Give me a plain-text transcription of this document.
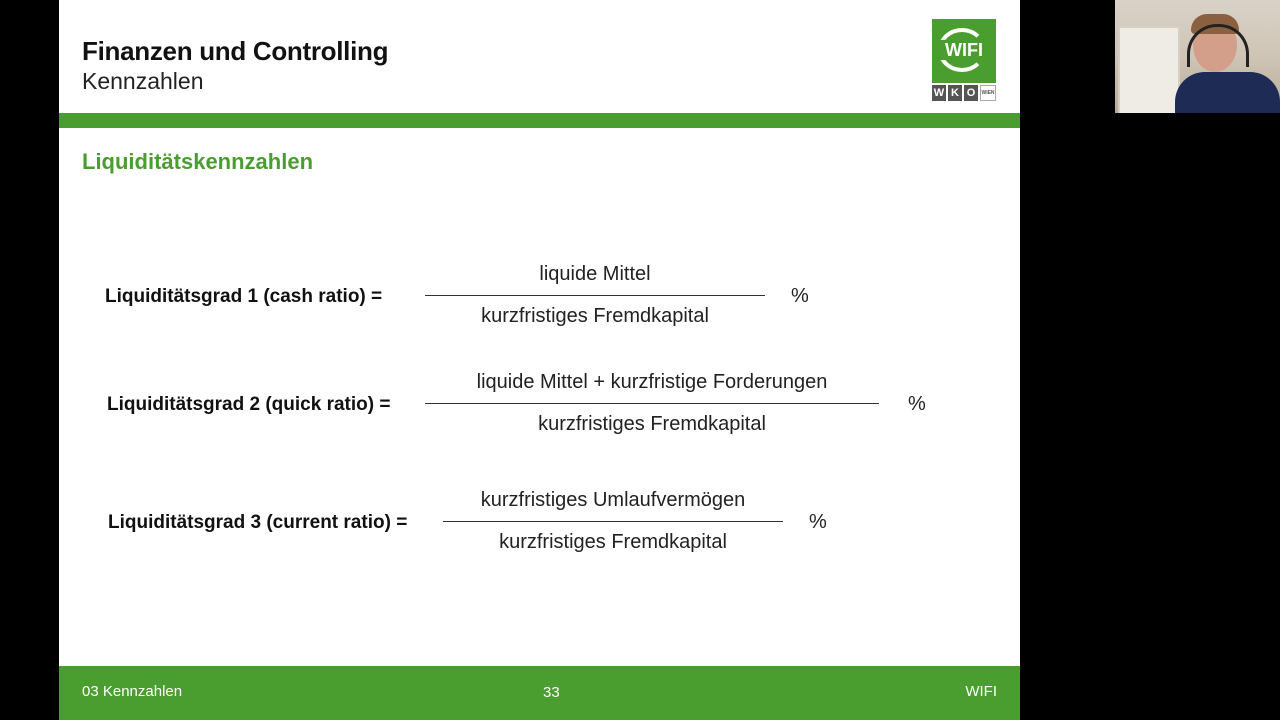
Finanzen und Controlling
Kennzahlen
WIFI
W K O	WIEN
Liquiditätskennzahlen
Liquiditätsgrad 1 (cash ratio) =
liquide Mittel
kurzfristiges Fremdkapital
%
Liquiditätsgrad 2 (quick ratio) =
liquide Mittel + kurzfristige Forderungen
kurzfristiges Fremdkapital
%
Liquiditätsgrad 3 (current ratio) =
kurzfristiges Umlaufvermögen
kurzfristiges Fremdkapital
%
03 Kennzahlen	33	WIFI
